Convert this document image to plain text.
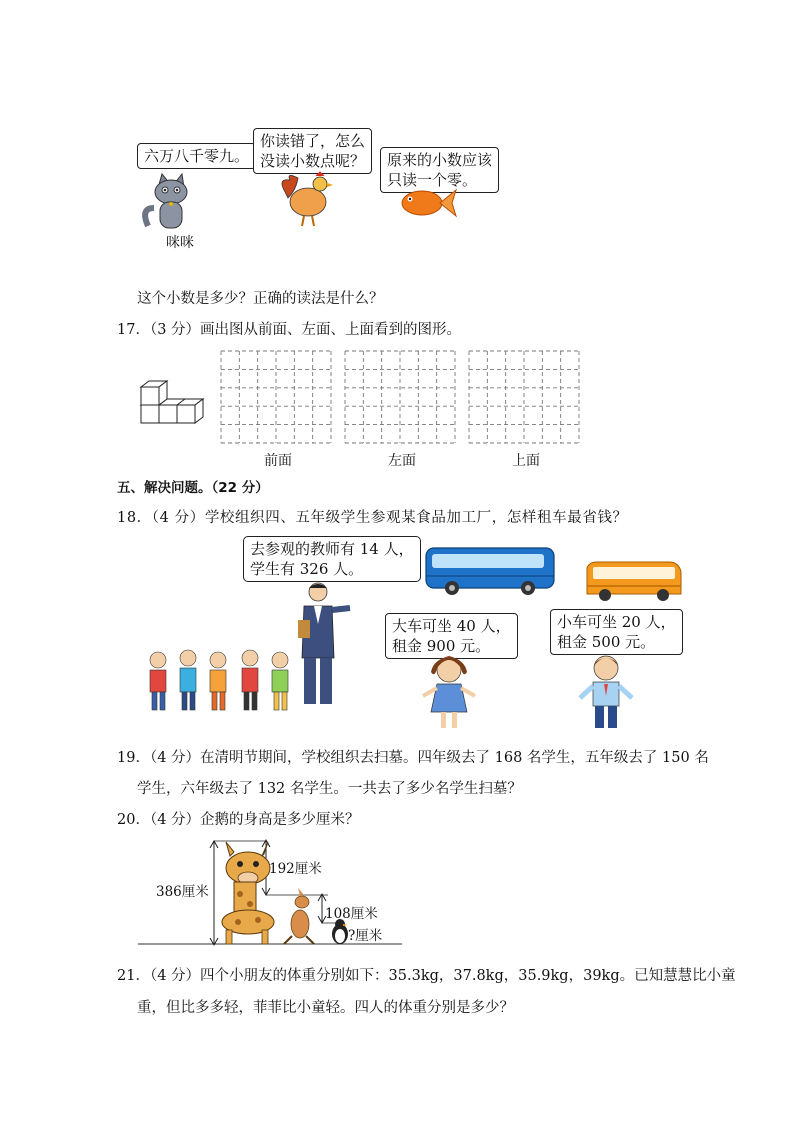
六万八千零九。
你读错了，怎么
没读小数点呢？ 原来的小数应该
只读一个零。
咪咪
这个小数是多少？正确的读法是什么？
17．（3 分）画出图从前面、左面、上面看到的图形。
前面	左面	上面
五、解决问题。（22 分）
18．（4 分）学校组织四、五年级学生参观某食品加工厂，怎样租车最省钱？
去参观的教师有 14 人，
学生有 326 人。
大车可坐 40 人，
租金 900 元。
小车可坐 20 人，
租金 500 元。
19．（4 分）在清明节期间，学校组织去扫墓。四年级去了 168 名学生，五年级去了 150 名
学生，六年级去了 132 名学生。一共去了多少名学生扫墓？
20．（4 分）企鹅的身高是多少厘米？
386厘米
192厘米
108厘米
?厘米
21．（4 分）四个小朋友的体重分别如下：35.3kg，37.8kg，35.9kg，39kg。已知慧慧比小童
重，但比多多轻，菲菲比小童轻。四人的体重分别是多少？
